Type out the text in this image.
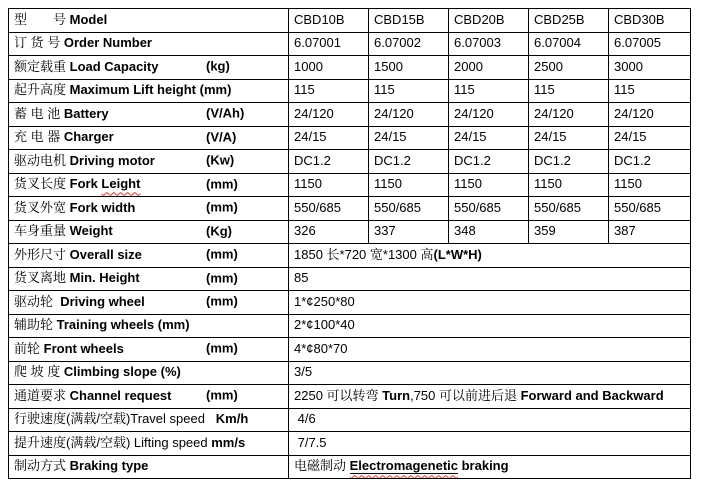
型　　号 Model	CBD10B	CBD15B	CBD20B	CBD25B	CBD30B
订 货 号 Order Number	6.07001	6.07002	6.07003	6.07004	6.07005
额定载重 Load Capacity (kg)	1000	1500	2000	2500	3000
起升高度 Maximum Lift height (mm)	115	115	115	115	115
蓄 电 池 Battery (V/Ah)	24/120	24/120	24/120	24/120	24/120
充 电 器 Charger (V/A)	24/15	24/15	24/15	24/15	24/15
驱动电机 Driving motor (Kw)	DC1.2	DC1.2	DC1.2	DC1.2	DC1.2
货叉长度 Fork Leight (mm)	1150	1150	1150	1150	1150
货叉外宽 Fork width (mm)	550/685	550/685	550/685	550/685	550/685
车身重量 Weight (Kg)	326	337	348	359	387
外形尺寸 Overall size (mm)	1850 长*720 宽*1300 高(L*W*H)				
货叉离地 Min. Height (mm)	85				
驱动轮  Driving wheel (mm)	1*¢250*80				
辅助轮 Training wheels (mm)	2*¢100*40				
前轮 Front wheels (mm)	4*¢80*70				
爬 坡 度 Climbing slope (%)	3/5				
通道要求 Channel request (mm)	2250 可以转弯 Turn,750 可以前进后退 Forward and Backward				
行驶速度(满载/空载)Travel speed   Km/h	4/6				
提升速度(满载/空载) Lifting speed mm/s	7/7.5				
制动方式 Braking type	电磁制动 Electromagenetic braking				
